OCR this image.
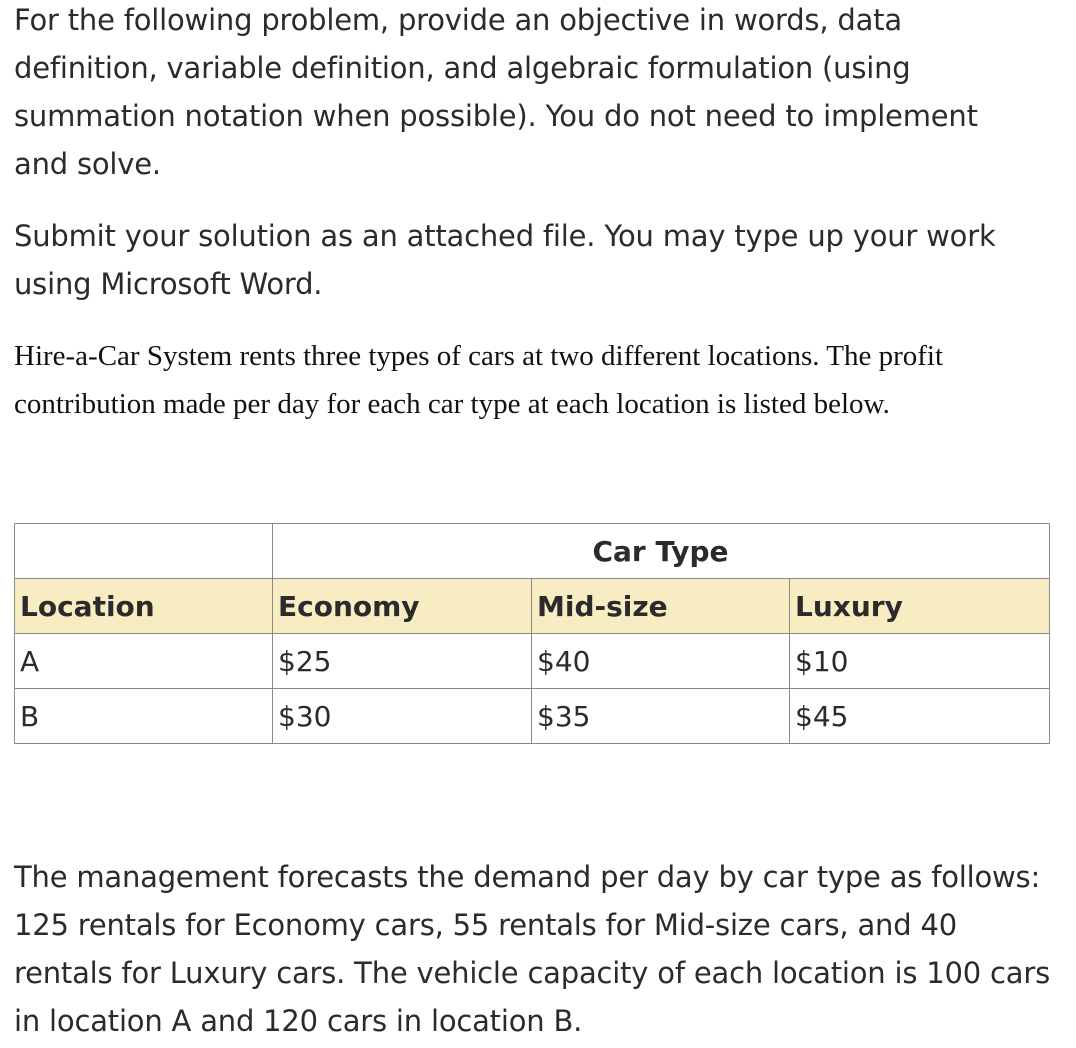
For the following problem, provide an objective in words, data

definition, variable definition, and algebraic formulation (using

summation notation when possible). You do not need to implement

and solve.

Submit your solution as an attached file. You may type up your work

using Microsoft Word.

Hire-a-Car System rents three types of cars at two different locations. The profit

contribution made per day for each car type at each location is listed below.

	Car Type		
Location	Economy	Mid-size	Luxury
A	$25	$40	$10
B	$30	$35	$45

The management forecasts the demand per day by car type as follows:

125 rentals for Economy cars, 55 rentals for Mid-size cars, and 40

rentals for Luxury cars. The vehicle capacity of each location is 100 cars

in location A and 120 cars in location B.
